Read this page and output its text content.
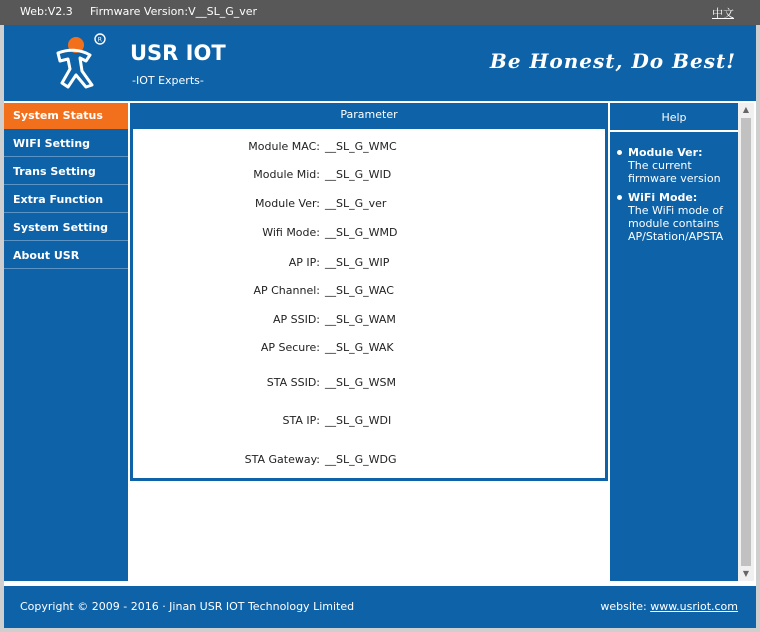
Web:V2.3 Firmware Version:V__SL_G_ver	中文
R
USR IOT
-IOT Experts-
Be Honest, Do Best!
System Status
WIFI Setting
Trans Setting
Extra Function
System Setting
About USR
Parameter
Module MAC: __SL_G_WMC
Module Mid: __SL_G_WID
Module Ver: __SL_G_ver
Wifi Mode: __SL_G_WMD
AP IP: __SL_G_WIP
AP Channel: __SL_G_WAC
AP SSID: __SL_G_WAM
AP Secure: __SL_G_WAK
STA SSID: __SL_G_WSM
STA IP: __SL_G_WDI
STA Gateway: __SL_G_WDG
Help
Module Ver:
The current firmware version
WiFi Mode:
The WiFi mode of module contains AP/Station/APSTA
▲
▼
Copyright © 2009 - 2016 · Jinan USR IOT Technology Limited	website: www.usriot.com
